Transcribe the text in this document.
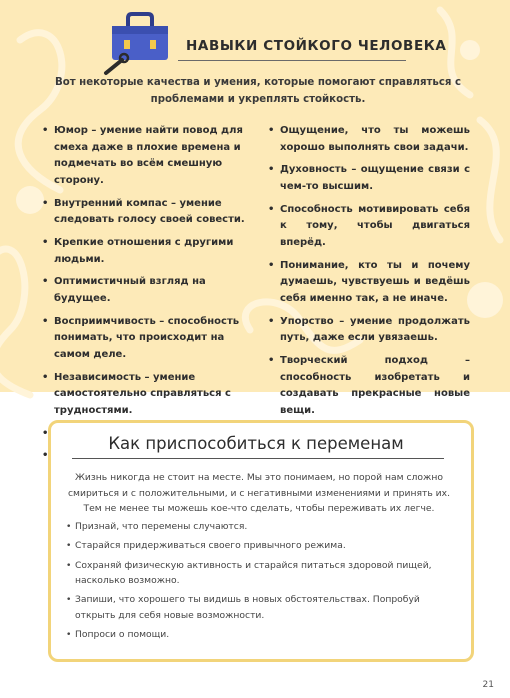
НАВЫКИ СТОЙКОГО ЧЕЛОВЕКА
Вот некоторые качества и умения, которые помогают справляться с проблемами и укреплять стойкость.
• Юмор – умение найти повод для смеха даже в плохие времена и подмечать во всём смешную сторону.
• Внутренний компас – умение следовать голосу своей совести.
• Крепкие отношения с другими людьми.
• Оптимистичный взгляд на будущее.
• Восприимчивость – способность понимать, что происходит на самом деле.
• Независимость – умение самостоятельно справляться с трудностями.
•
•
• Ощущение, что ты можешь хорошо выполнять свои задачи.
• Духовность – ощущение связи с чем-то высшим.
• Способность мотивировать себя к тому, чтобы двигаться вперёд.
• Понимание, кто ты и почему думаешь, чувствуешь и ведёшь себя именно так, а не иначе.
• Упорство – умение продолжать путь, даже если увязаешь.
• Творческий подход – способность изобретать и создавать прекрасные новые вещи.
Как приспособиться к переменам
Жизнь никогда не стоит на месте. Мы это понимаем, но порой нам сложно смириться и с положительными, и с негативными изменениями и принять их. Тем не менее ты можешь кое-что сделать, чтобы переживать их легче.
• Признай, что перемены случаются.
• Старайся придерживаться своего привычного режима.
• Сохраняй физическую активность и старайся питаться здоровой пищей, насколько возможно.
• Запиши, что хорошего ты видишь в новых обстоятельствах. Попробуй открыть для себя новые возможности.
• Попроси о помощи.
21
